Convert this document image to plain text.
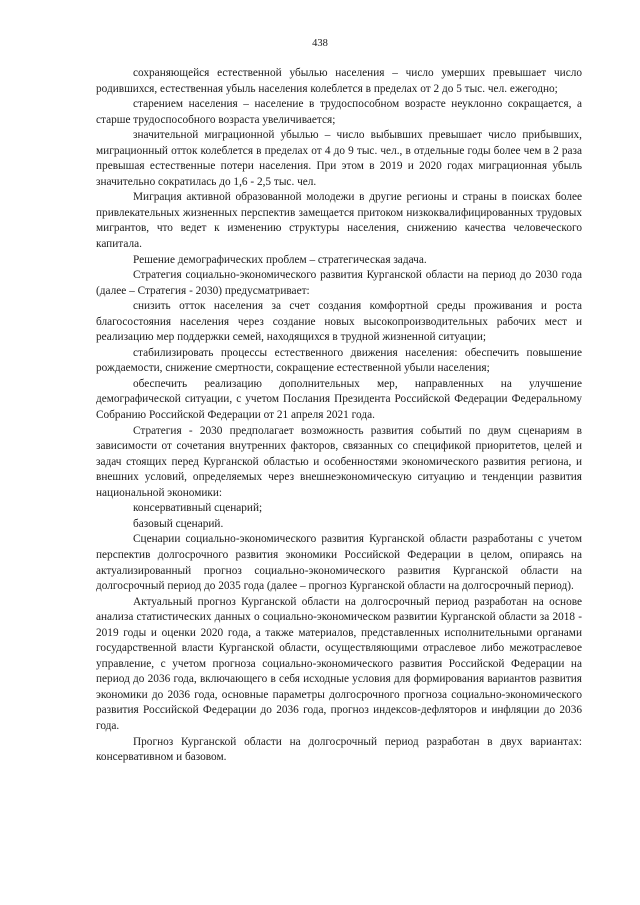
438

сохраняющейся естественной убылью населения – число умерших превышает число родившихся, естественная убыль населения колеблется в пределах от 2 до 5 тыс. чел. ежегодно;

старением населения – население в трудоспособном возрасте неуклонно сокращается, а старше трудоспособного возраста увеличивается;

значительной миграционной убылью – число выбывших превышает число прибывших, миграционный отток колеблется в пределах от 4 до 9 тыс. чел., в отдельные годы более чем в 2 раза превышая естественные потери населения. При этом в 2019 и 2020 годах миграционная убыль значительно сократилась до 1,6 - 2,5 тыс. чел.

Миграция активной образованной молодежи в другие регионы и страны в поисках более привлекательных жизненных перспектив замещается притоком низкоквалифицированных трудовых мигрантов, что ведет к изменению структуры населения, снижению качества человеческого капитала.

Решение демографических проблем – стратегическая задача.

Стратегия социально-экономического развития Курганской области на период до 2030 года (далее – Стратегия - 2030) предусматривает:

снизить отток населения за счет создания комфортной среды проживания и роста благосостояния населения через создание новых высокопроизводительных рабочих мест и реализацию мер поддержки семей, находящихся в трудной жизненной ситуации;

стабилизировать процессы естественного движения населения: обеспечить повышение рождаемости, снижение смертности, сокращение естественной убыли населения;

обеспечить реализацию дополнительных мер, направленных на улучшение демографической ситуации, с учетом Послания Президента Российской Федерации Федеральному Собранию Российской Федерации от 21 апреля 2021 года.

Стратегия - 2030 предполагает возможность развития событий по двум сценариям в зависимости от сочетания внутренних факторов, связанных со спецификой приоритетов, целей и задач стоящих перед Курганской областью и особенностями экономического развития региона, и внешних условий, определяемых через внешнеэкономическую ситуацию и тенденции развития национальной экономики:

консервативный сценарий;

базовый сценарий.

Сценарии социально-экономического развития Курганской области разработаны с учетом перспектив долгосрочного развития экономики Российской Федерации в целом, опираясь на актуализированный прогноз социально-экономического развития Курганской области на долгосрочный период до 2035 года (далее – прогноз Курганской области на долгосрочный период).

Актуальный прогноз Курганской области на долгосрочный период разработан на основе анализа статистических данных о социально-экономическом развитии Курганской области за 2018 - 2019 годы и оценки 2020 года, а также материалов, представленных исполнительными органами государственной власти Курганской области, осуществляющими отраслевое либо межотраслевое управление, с учетом прогноза социально-экономического развития Российской Федерации на период до 2036 года, включающего в себя исходные условия для формирования вариантов развития экономики до 2036 года, основные параметры долгосрочного прогноза социально-экономического развития Российской Федерации до 2036 года, прогноз индексов-дефляторов и инфляции до 2036 года.

Прогноз Курганской области на долгосрочный период разработан в двух вариантах: консервативном и базовом.
